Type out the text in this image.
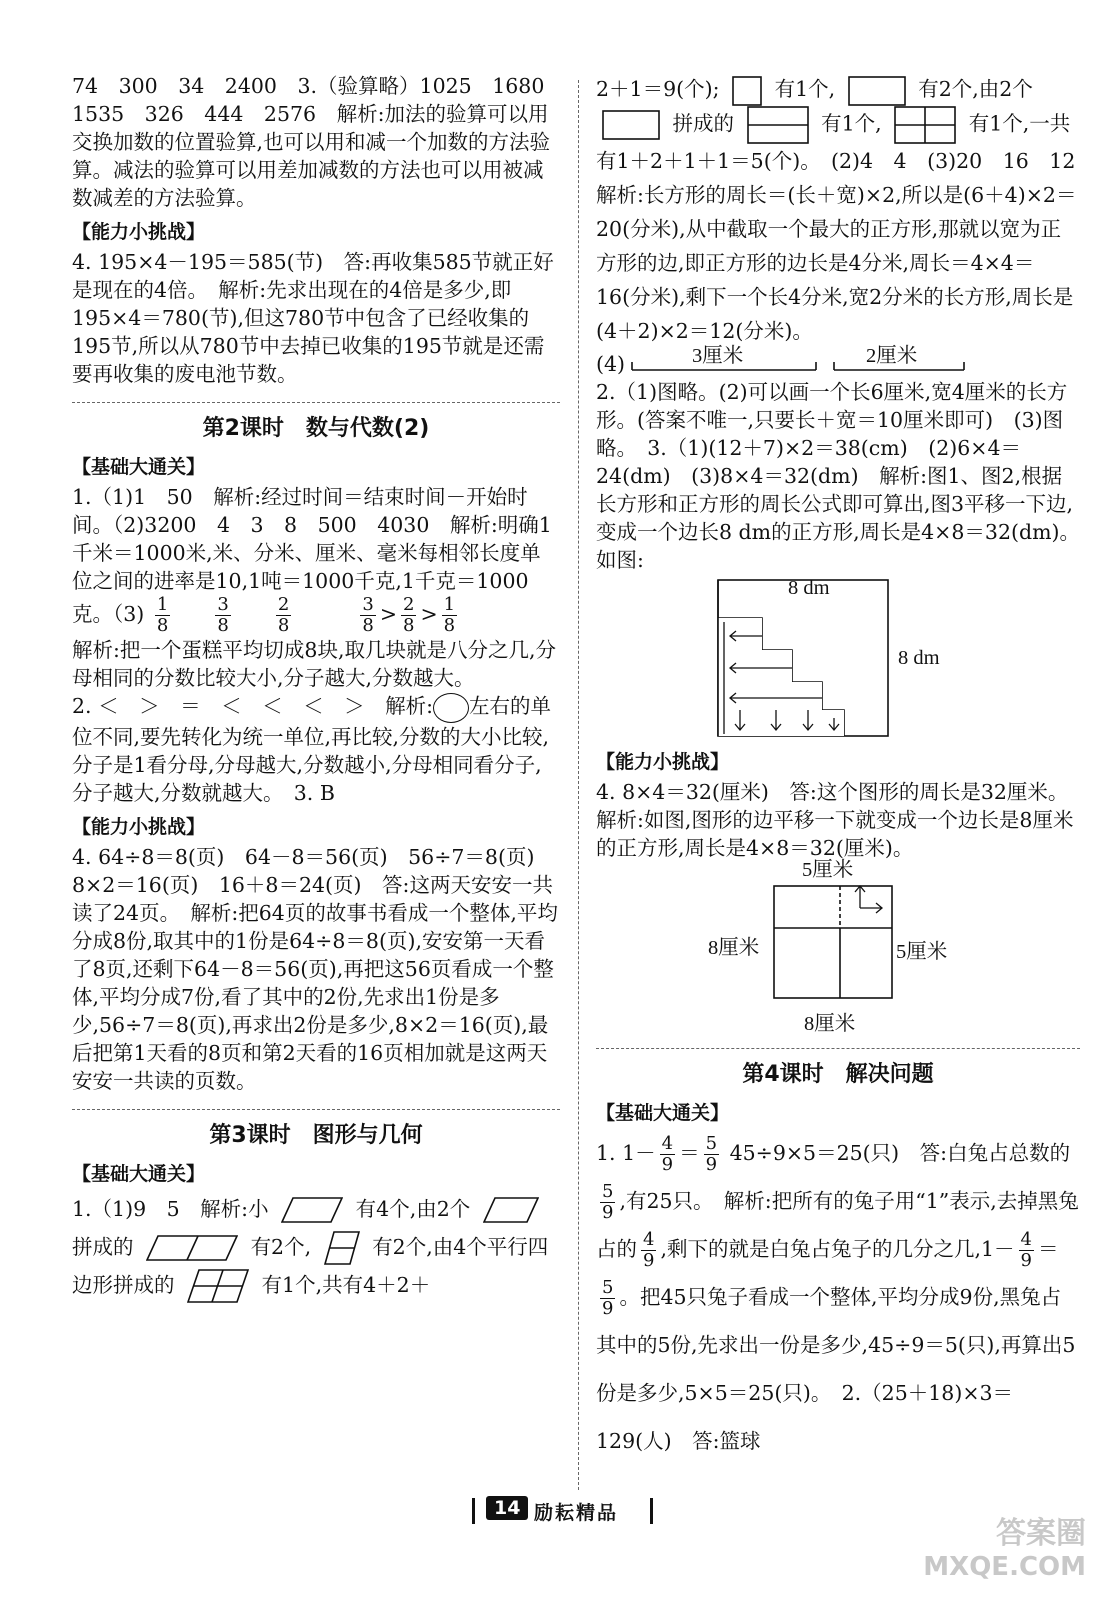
74　300　34　2400　3.（验算略）1025　1680　1535　326　444　2576　解析:加法的验算可以用交换加数的位置验算,也可以用和减一个加数的方法验算。减法的验算可以用差加减数的方法也可以用被减数减差的方法验算。

【能力小挑战】

4. 195×4－195＝585(节)　答:再收集585节就正好是现在的4倍。　解析:先求出现在的4倍是多少,即195×4＝780(节),但这780节中包含了已经收集的195节,所以从780节中去掉已收集的195节就是还需要再收集的废电池节数。

第2课时　数与代数(2)

【基础大通关】

1.（1)1　50　解析:经过时间＝结束时间－开始时间。（2)3200　4　3　8　500　4030　解析:明确1千米＝1000米,米、分米、厘米、毫米每相邻长度单位之间的进率是10,1吨＝1000千克,1千克＝1000克。$(3) \frac{1}{8}$
	$\frac{3}{8}$
	$\frac{2}{8}$
	$\frac{3}{8} > \frac{2}{8} > \frac{1}{8}$

解析:把一个蛋糕平均切成8块,取几块就是八分之几,分母相同的分数比较大小,分子越大,分数越大。

2. ＜　＞　＝　＜　＜　＜　＞　解析: 左右的单位不同,要先转化为统一单位,再比较,分数的大小比较,分子是1看分母,分母越大,分数越小,分母相同看分子,分子越大,分数就越大。　3. B

【能力小挑战】

4. 64÷8＝8(页)　64－8＝56(页)　56÷7＝8(页)　8×2＝16(页)　16＋8＝24(页)　答:这两天安安一共读了24页。　解析:把64页的故事书看成一个整体,平均分成8份,取其中的1份是64÷8＝8(页),安安第一天看了8页,还剩下64－8＝56(页),再把这56页看成一个整体,平均分成7份,看了其中的2份,先求出1份是多少,56÷7＝8(页),再求出2份是多少,8×2＝16(页),最后把第1天看的8页和第2天看的16页相加就是这两天安安一共读的页数。

第3课时　图形与几何

【基础大通关】

1.（1)9　5　解析:小	有4个,由2个  拼成的	有2个,	有2个,由4个平行四边形拼成的	有1个,共有4＋2＋

2＋1＝9(个);	有1个,	有2个,由2个  拼成的	有1个,	有1个,一共有1＋2＋1＋1＝5(个)。　(2)4　4　(3)20　16　12　解析:长方形的周长＝(长＋宽)×2,所以是(6＋4)×2＝20(分米),从中截取一个最大的正方形,那就以宽为正方形的边,即正方形的边长是4分米,周长＝4×4＝16(分米),剩下一个长4分米,宽2分米的长方形,周长是(4＋2)×2＝12(分米)。

(4)	3厘米	2厘米

2.（1)图略。(2)可以画一个长6厘米,宽4厘米的长方形。(答案不唯一,只要长＋宽＝10厘米即可)　(3)图略。　3.（1)(12＋7)×2＝38(cm)　(2)6×4＝24(dm)　(3)8×4＝32(dm)　解析:图1、图2,根据长方形和正方形的周长公式即可算出,图3平移一下边,变成一个边长8 dm的正方形,周长是4×8＝32(dm)。　如图:

8 dm
8 dm

【能力小挑战】

4. 8×4＝32(厘米)　答:这个图形的周长是32厘米。　解析:如图,图形的边平移一下就变成一个边长是8厘米的正方形,周长是4×8＝32(厘米)。

5厘米
8厘米	5厘米
8厘米

第4课时　解决问题

【基础大通关】

1. $1- \frac{4}{9} = \frac{5}{9} 45\div 9\times 5=25$(只)　答:白兔占总数的
$\frac{5}{9}$ ,有25只。　解析:把所有的兔子用“1”表示,去掉黑兔占的 $\frac{4}{9}$ ,剩下的就是白兔占兔子的几分之几$,1- \frac{4}{9}$ ＝
$\frac{5}{9}$ 。把45只兔子看成一个整体,平均分成9份,黑兔占其中的5份,先求出一份是多少,45÷9＝5(只),再算出5份是多少,5×5＝25(只)。　2.（25＋18)×3＝129(人)　答:篮球

14 励耘精品
答案圈
MXQE.COM
